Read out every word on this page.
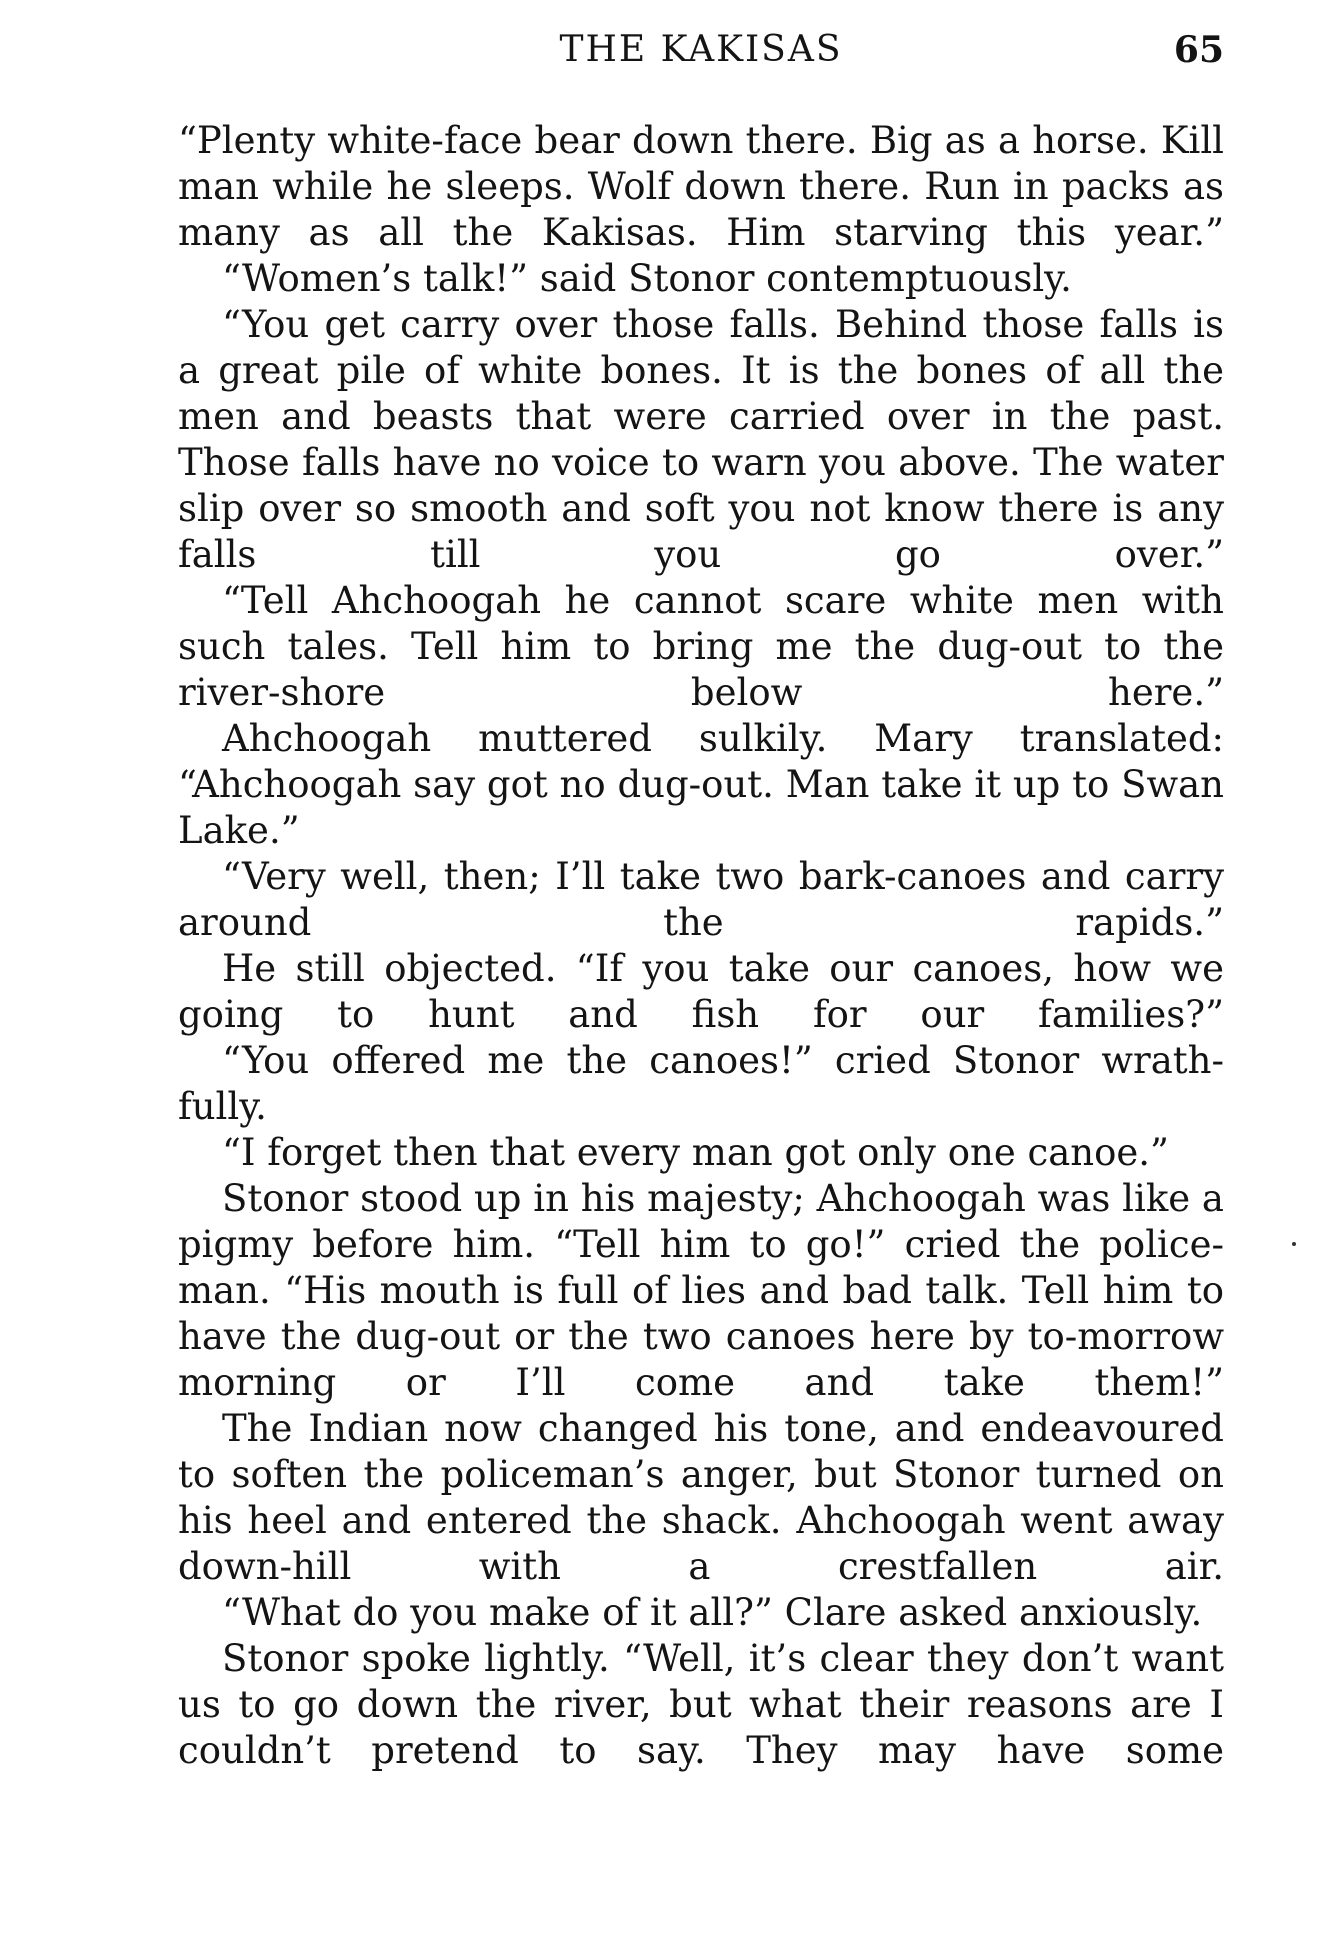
THE KAKISAS	65

“Plenty white-face bear down there. Big as a horse. Kill man while he sleeps. Wolf down there. Run in packs as many as all the Kakisas. Him starving this year.”

“Women’s talk!” said Stonor contemptuously.

“You get carry over those falls. Behind those falls is a great pile of white bones. It is the bones of all the men and beasts that were carried over in the past. Those falls have no voice to warn you above. The water slip over so smooth and soft you not know there is any falls till you go over.”

“Tell Ahchoogah he cannot scare white men with such tales. Tell him to bring me the dug-out to the river-shore below here.”

Ahchoogah muttered sulkily. Mary translated: “Ahchoogah say got no dug-out. Man take it up to Swan Lake.”

“Very well, then; I’ll take two bark-canoes and carry around the rapids.”

He still objected. “If you take our canoes, how we going to hunt and fish for our families?”

“You offered me the canoes!” cried Stonor wrath-fully.

“I forget then that every man got only one canoe.”

Stonor stood up in his majesty; Ahchoogah was like a pigmy before him. “Tell him to go!” cried the police-man. “His mouth is full of lies and bad talk. Tell him to have the dug-out or the two canoes here by to-morrow morning or I’ll come and take them!”

The Indian now changed his tone, and endeavoured to soften the policeman’s anger, but Stonor turned on his heel and entered the shack. Ahchoogah went away down-hill with a crestfallen air.

“What do you make of it all?” Clare asked anxiously.

Stonor spoke lightly. “Well, it’s clear they don’t want us to go down the river, but what their reasons are I couldn’t pretend to say. They may have some
